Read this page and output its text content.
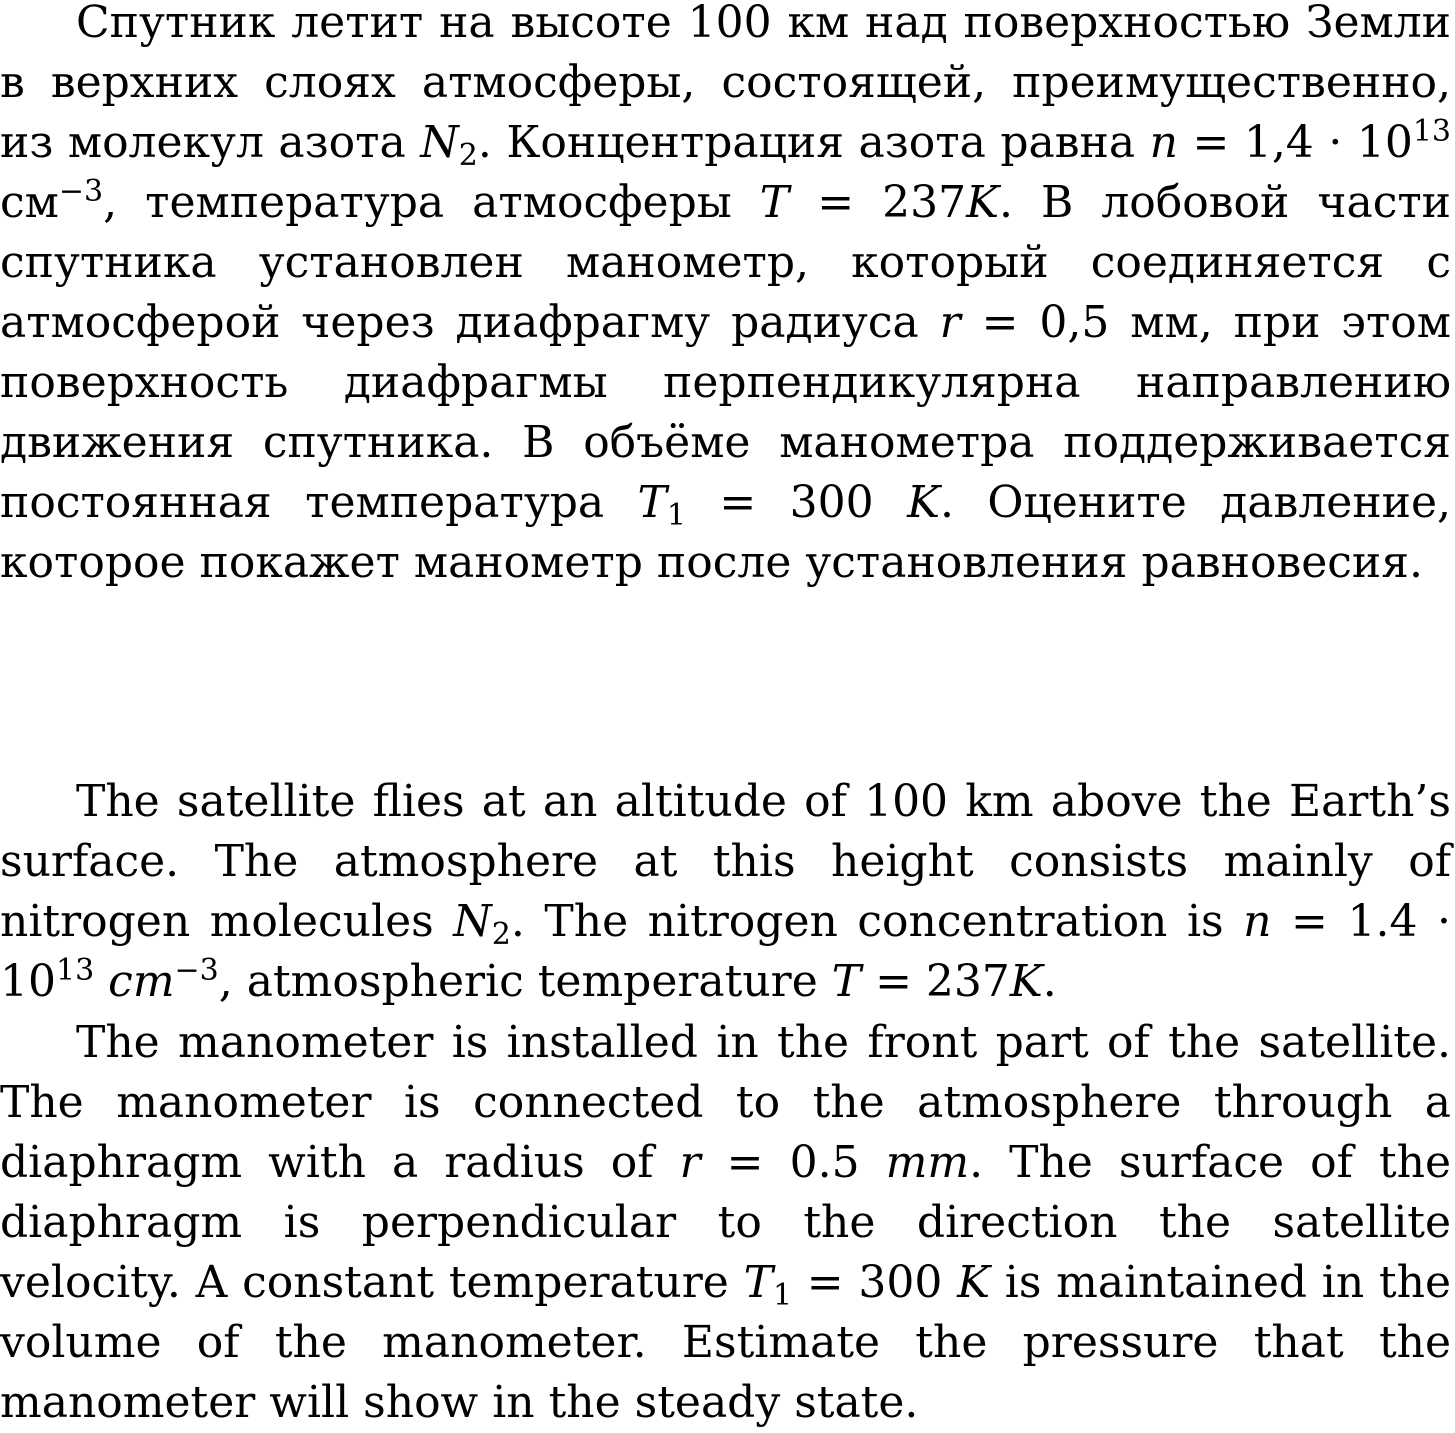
Спутник летит на высоте 100 км над поверхностью Земли в верхних слоях атмосферы, состоящей, преимущественно, из молекул азота N2. Концентрация азота равна $n = 1,4 \cdot 10^{13}$ $см^{-3}$, температура атмосферы T = 237K. В лобовой части спутника установлен манометр, который соединяется с атмосферой через диафрагму радиуса r = 0,5 мм, при этом поверхность диафрагмы перпендикулярна направлению движения спутника. В объёме манометра поддерживается постоянная температура T1 = 300 K. Оцените давление, которое покажет манометр после установления равновесия.

The satellite flies at an altitude of 100 km above the Earth’s surface. The atmosphere at this height consists mainly of nitrogen molecules N2. The nitrogen concentration is $n = 1.4 \cdot 10^{13}$ $cm^{-3}$, atmospheric temperature T = 237K.

The manometer is installed in the front part of the satellite. The manometer is connected to the atmosphere through a diaphragm with a radius of r = 0.5 mm. The surface of the diaphragm is perpendicular to the direction the satellite velocity. A constant temperature T1 = 300 K is maintained in the volume of the manometer. Estimate the pressure that the manometer will show in the steady state.
